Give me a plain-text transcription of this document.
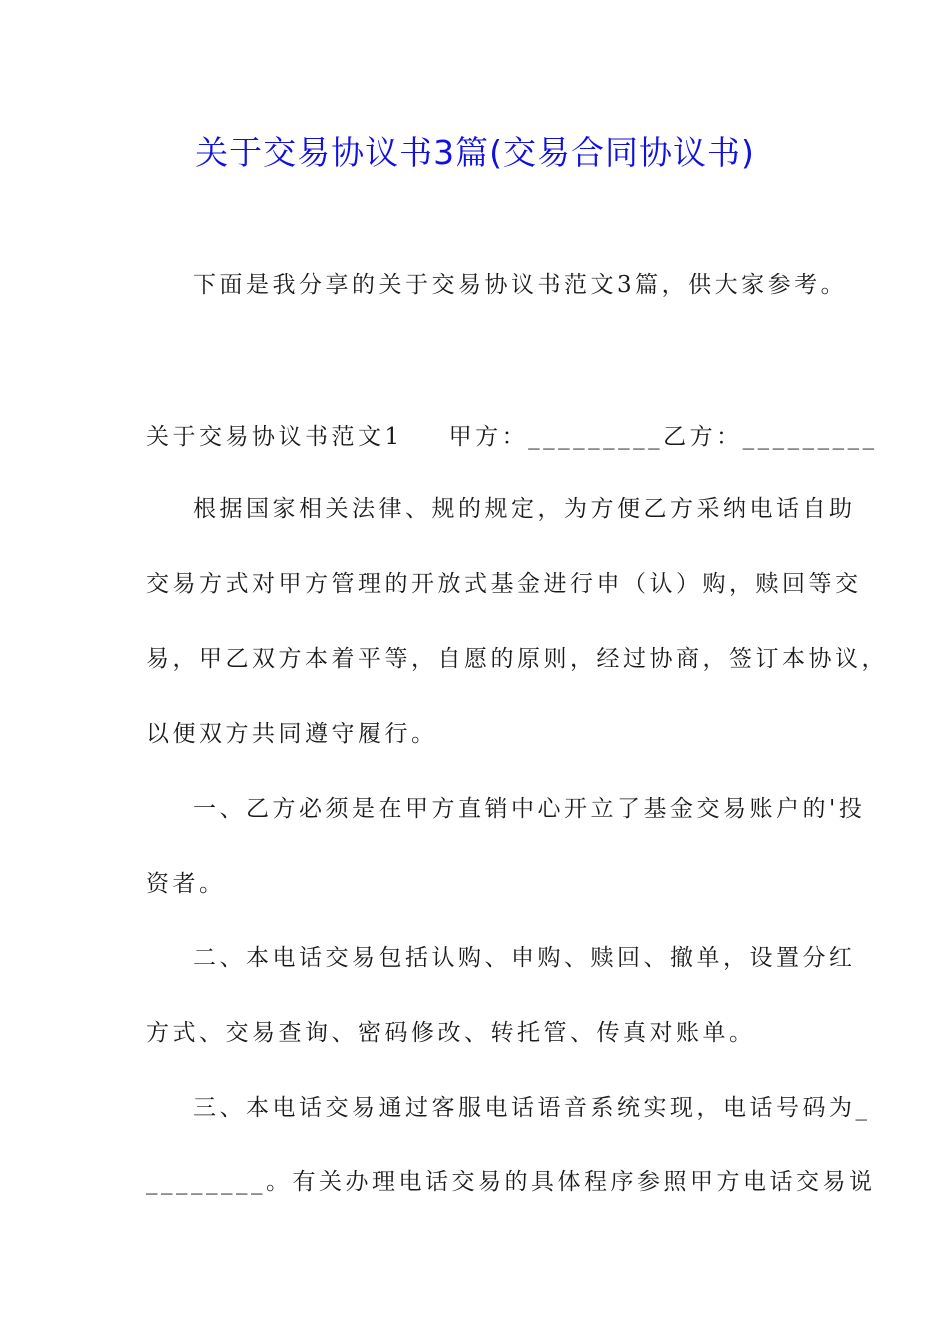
关于交易协议书3篇(交易合同协议书)
下面是我分享的关于交易协议书范文3篇，供大家参考。
关于交易协议书范文1 甲方：_________乙方：_________
根据国家相关法律、规的规定，为方便乙方采纳电话自助
交易方式对甲方管理的开放式基金进行申（认）购，赎回等交
易，甲乙双方本着平等，自愿的原则，经过协商，签订本协议，
以便双方共同遵守履行。
一、乙方必须是在甲方直销中心开立了基金交易账户的'投
资者。
二、本电话交易包括认购、申购、赎回、撤单，设置分红
方式、交易查询、密码修改、转托管、传真对账单。
三、本电话交易通过客服电话语音系统实现，电话号码为_
________。有关办理电话交易的具体程序参照甲方电话交易说
